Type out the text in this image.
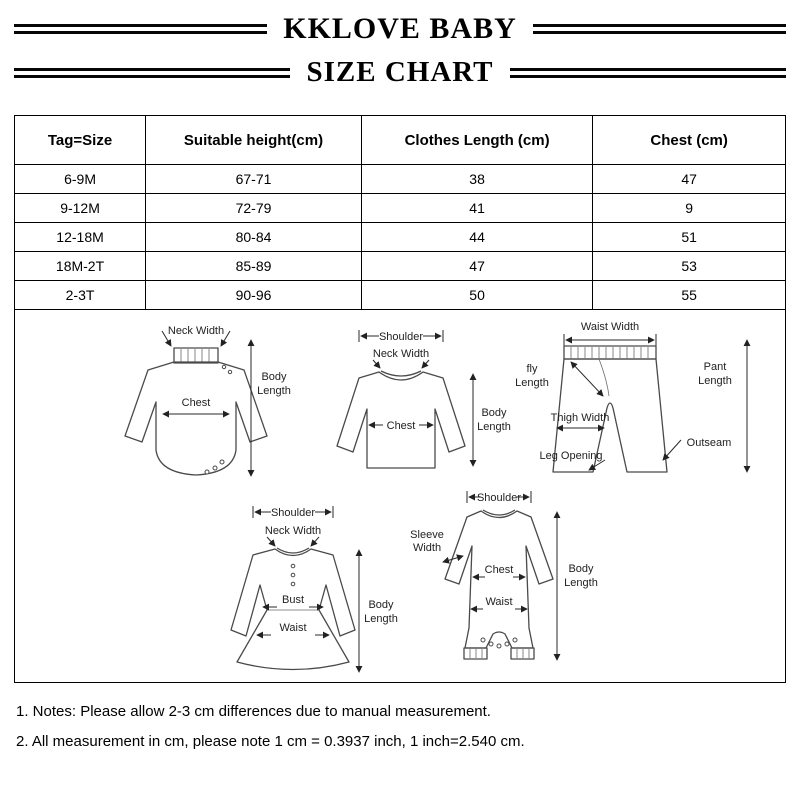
KKLOVE BABY
SIZE CHART
Tag=Size	Suitable height(cm)	Clothes Length (cm)	Chest (cm)
6-9M	67-71	38	47
9-12M	72-79	41	9
12-18M	80-84	44	51
18M-2T	85-89	47	53
2-3T	90-96	50	55
Neck Width
Chest
Body
Length
Shoulder
Neck Width
Chest
Body
Length
Waist Width
fly
Length
Thigh Width
Leg Opening
Pant
Length
Outseam
Shoulder
Neck Width
Bust
Waist
Body
Length
Shoulder
Sleeve
Width
Chest
Waist
Body
Length

1. Notes: Please allow 2-3 cm differences due to manual measurement.

2. All measurement in cm, please note 1 cm = 0.3937 inch, 1 inch=2.540 cm.
